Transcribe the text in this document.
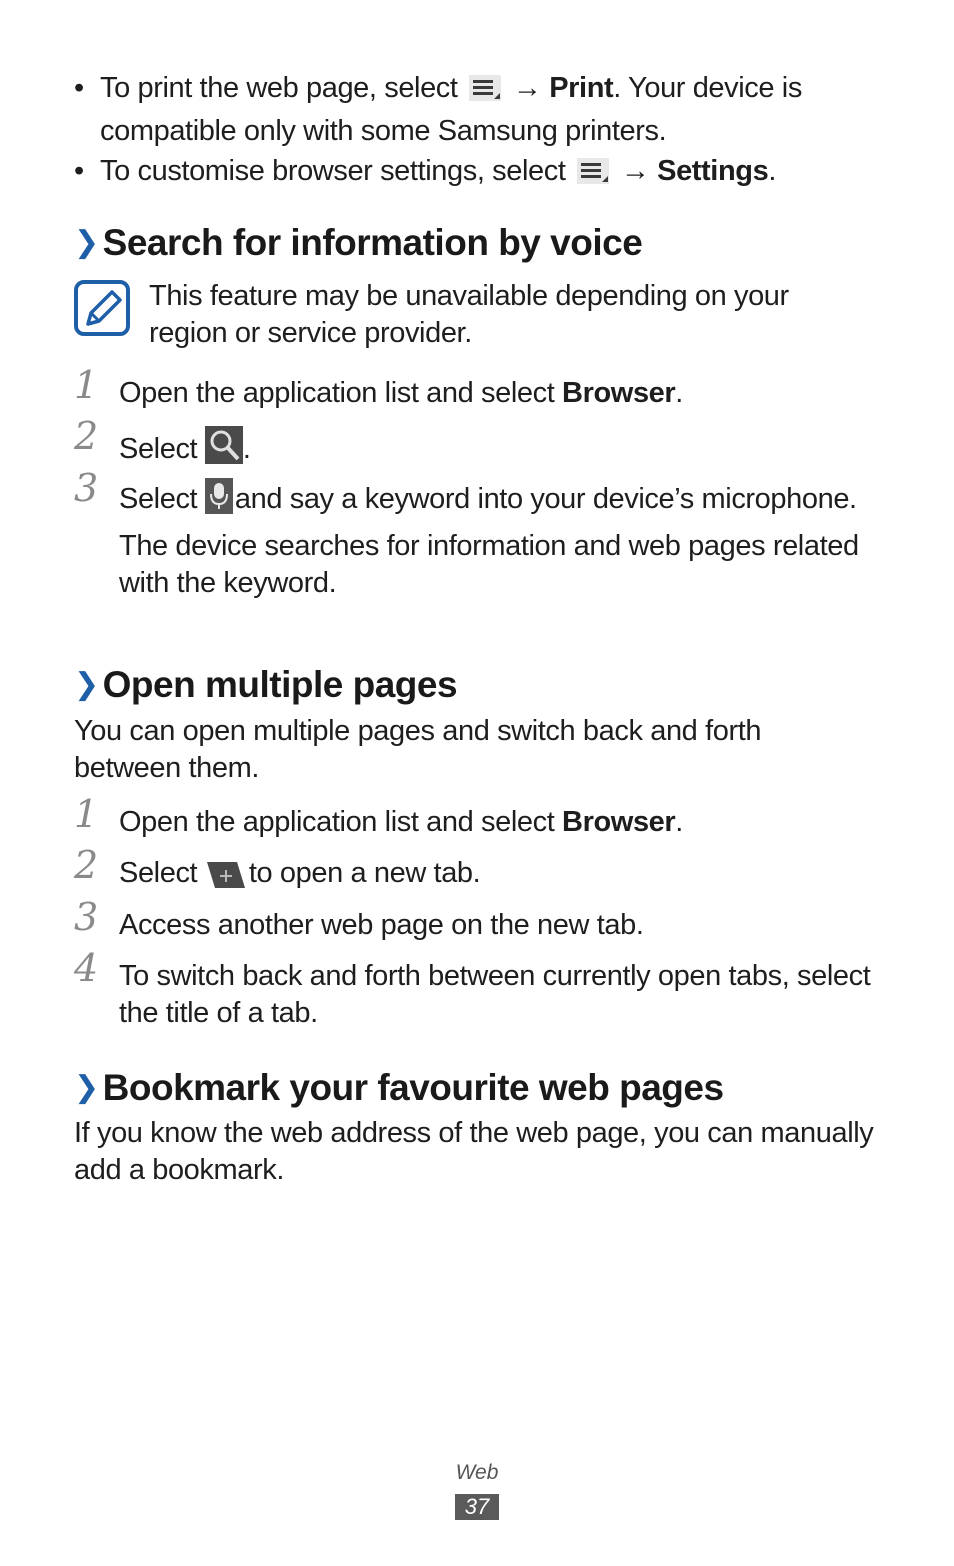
• To print the web page, select → Print. Your device is compatible only with some Samsung printers.
• To customise browser settings, select → Settings.
❯ Search for information by voice
This feature may be unavailable depending on your region or service provider.
1 Open the application list and select Browser.
2 Select .
3 Select and say a keyword into your device’s microphone.
The device searches for information and web pages related with the keyword.
❯ Open multiple pages
You can open multiple pages and switch back and forth between them.
1 Open the application list and select Browser.
2 Select to open a new tab.
3 Access another web page on the new tab.
4 To switch back and forth between currently open tabs, select the title of a tab.
❯ Bookmark your favourite web pages
If you know the web address of the web page, you can manually add a bookmark.
Web
37
